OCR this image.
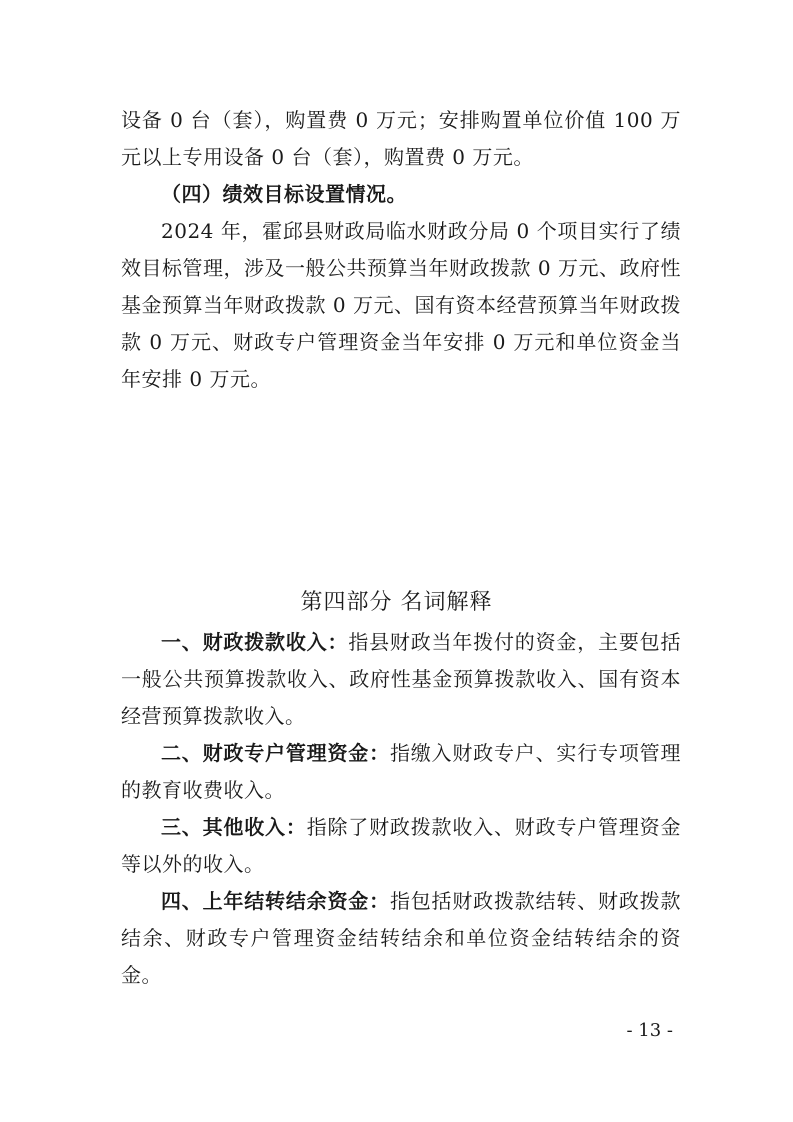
设备 0 台（套），购置费 0 万元；安排购置单位价值 100 万元以上专用设备 0 台（套），购置费 0 万元。

（四）绩效目标设置情况。

2024 年，霍邱县财政局临水财政分局 0 个项目实行了绩效目标管理，涉及一般公共预算当年财政拨款 0 万元、政府性基金预算当年财政拨款 0 万元、国有资本经营预算当年财政拨款 0 万元、财政专户管理资金当年安排 0 万元和单位资金当年安排 0 万元。

第四部分 名词解释

一、财政拨款收入：指县财政当年拨付的资金，主要包括一般公共预算拨款收入、政府性基金预算拨款收入、国有资本经营预算拨款收入。

二、财政专户管理资金：指缴入财政专户、实行专项管理的教育收费收入。

三、其他收入：指除了财政拨款收入、财政专户管理资金等以外的收入。

四、上年结转结余资金：指包括财政拨款结转、财政拨款结余、财政专户管理资金结转结余和单位资金结转结余的资金。

- 13 -
